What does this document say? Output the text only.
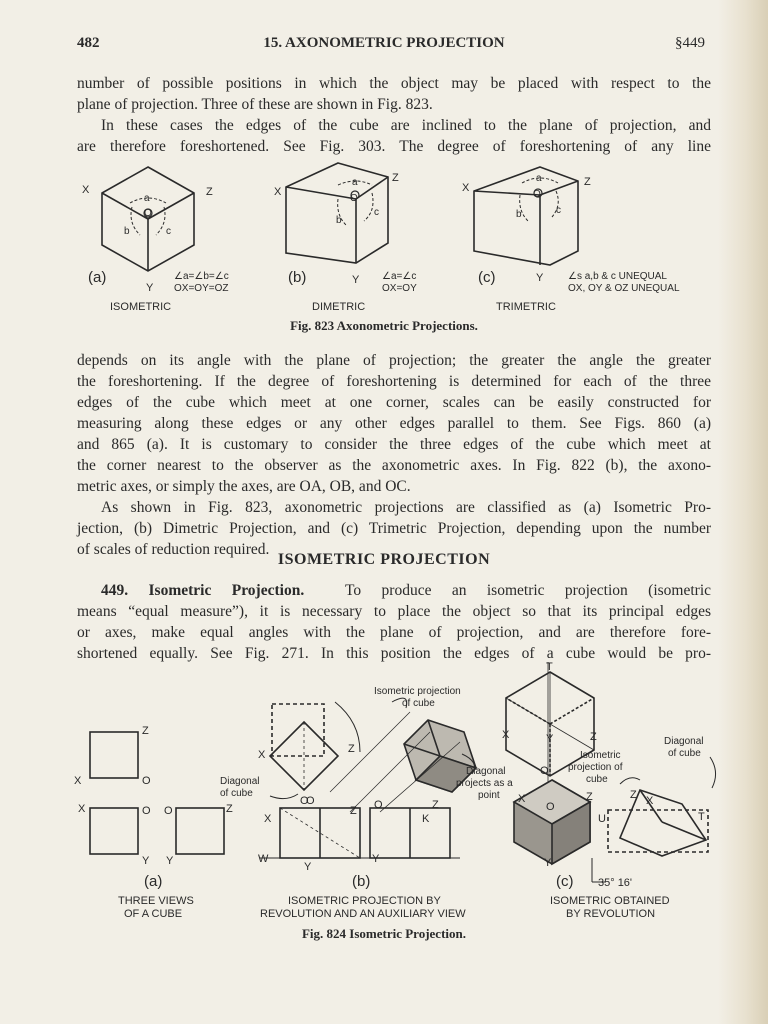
482	15. AXONOMETRIC PROJECTION	§449
number of possible positions in which the object may be placed with respect to the
plane of projection. Three of these are shown in Fig. 823.
In these cases the edges of the cube are inclined to the plane of projection, and
are therefore foreshortened. See Fig. 303. The degree of foreshortening of any line
X	Z
Y
a
O
b	c
(a)	∠a=∠b=∠c
OX=OY=OZ
ISOMETRIC
X
Z
Y
a
O
b
c
(b)	∠a=∠c
OX=OY
DIMETRIC
X	Z
Y
a
O
b	c
(c)	∠s a,b & c UNEQUAL
OX, OY & OZ UNEQUAL
TRIMETRIC
Fig. 823 Axonometric Projections.
depends on its angle with the plane of projection; the greater the angle the greater
the foreshortening. If the degree of foreshortening is determined for each of the three
edges of the cube which meet at one corner, scales can be easily constructed for
measuring along these edges or any other edges parallel to them. See Figs. 860 (a)
and 865 (a). It is customary to consider the three edges of the cube which meet at
the corner nearest to the observer as the axonometric axes. In Fig. 822 (b), the axono-
metric axes, or simply the axes, are OA, OB, and OC.
As shown in Fig. 823, axonometric projections are classified as (a) Isometric Pro-
jection, (b) Dimetric Projection, and (c) Trimetric Projection, depending upon the number
of scales of reduction required.
ISOMETRIC PROJECTION
449. Isometric Projection.	To produce an isometric projection (isometric
means “equal measure”), it is necessary to place the object so that its principal edges
or axes, make equal angles with the plane of projection, and are therefore fore-
shortened equally. See Fig. 271. In this position the edges of a cube would be pro-
Z
X	O
X	O O	Z
Y Y
(a)
THREE VIEWS
OF A CUBE
Isometric projection
of cube
X	Z
O
Diagonal
of cube
Diagonal
projects as a
point
O
X
Z O	Z
K
W
Y
Y
(b)
ISOMETRIC PROJECTION BY
REVOLUTION AND AN AUXILIARY VIEW
T
X	Y	Z
O
Isometric
projection of
cube
Diagonal
of cube
X
O
Z	Z X
U	T
Y
(c) 35° 16'
ISOMETRIC OBTAINED
BY REVOLUTION
Fig. 824 Isometric Projection.
